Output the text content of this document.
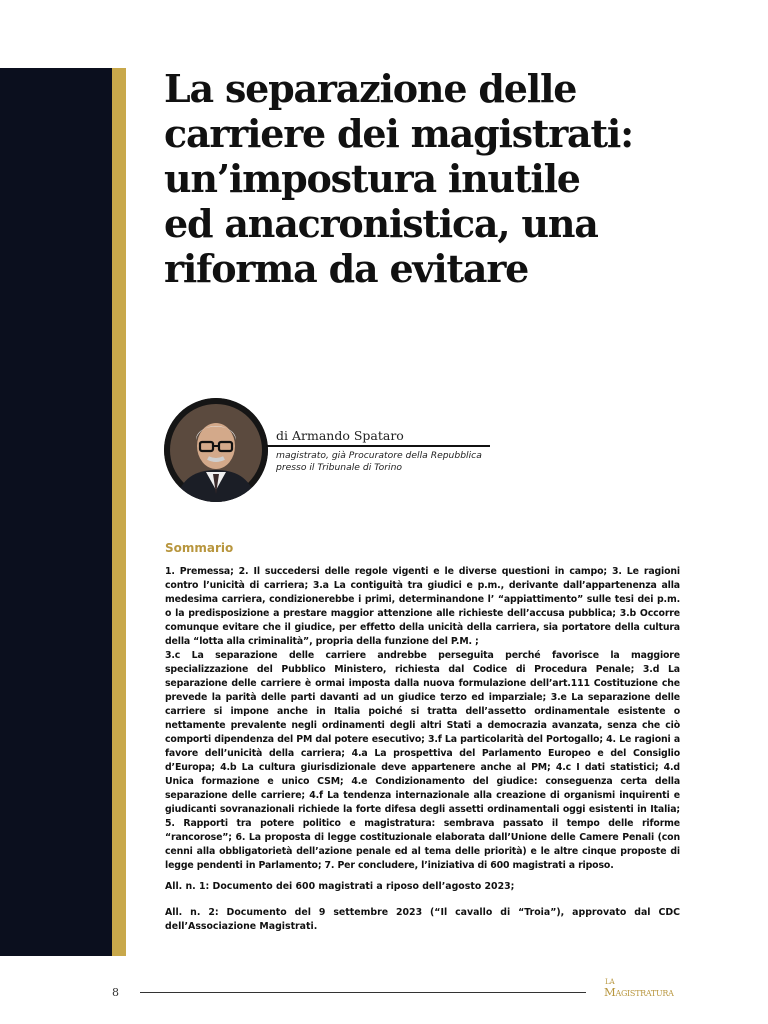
La separazione delle
carriere dei magistrati:
un’impostura inutile
ed anacronistica, una
riforma da evitare
di Armando Spataro
magistrato, già Procuratore della Repubblica
presso il Tribunale di Torino
Sommario

1. Premessa; 2. Il succedersi delle regole vigenti e le diverse questioni in campo; 3. Le ragioni contro l’unicità di carriera; 3.a La contiguità tra giudici e p.m., derivante dall’appartenenza alla medesima carriera, condizionerebbe i primi, determinandone l’ “appiattimento” sulle tesi dei p.m. o la predisposizione a prestare maggior attenzione alle richieste dell’accusa pubblica; 3.b Occorre comunque evitare che il giudice, per effetto della unicità della carriera, sia portatore della cultura della “lotta alla criminalità”, propria della funzione del P.M. ;

3.c La separazione delle carriere andrebbe perseguita perché favorisce la maggiore specializzazione del Pubblico Ministero, richiesta dal Codice di Procedura Penale; 3.d La separazione delle carriere è ormai imposta dalla nuova formulazione dell’art.111 Costituzione che prevede la parità delle parti davanti ad un giudice terzo ed imparziale; 3.e La separazione delle carriere si impone anche in Italia poiché si tratta dell’assetto ordinamentale esistente o nettamente prevalente negli ordinamenti degli altri Stati a democrazia avanzata, senza che ciò comporti dipendenza del PM dal potere esecutivo; 3.f La particolarità del Portogallo; 4. Le ragioni a favore dell’unicità della carriera; 4.a La prospettiva del Parlamento Europeo e del Consiglio d’Europa; 4.b La cultura giurisdizionale deve appartenere anche al PM; 4.c I dati statistici; 4.d Unica formazione e unico CSM; 4.e Condizionamento del giudice: conseguenza certa della separazione delle carriere; 4.f La tendenza internazionale alla creazione di organismi inquirenti e giudicanti sovranazionali richiede la forte difesa degli assetti ordinamentali oggi esistenti in Italia; 5. Rapporti tra potere politico e magistratura: sembrava passato il tempo delle riforme “rancorose”; 6. La proposta di legge costituzionale elaborata dall’Unione delle Camere Penali (con cenni alla obbligatorietà dell’azione penale ed al tema delle priorità) e le altre cinque proposte di legge pendenti in Parlamento; 7. Per concludere, l’iniziativa di 600 magistrati a riposo.

All. n. 1: Documento dei 600 magistrati a riposo dell’agosto 2023;

All. n. 2: Documento del 9 settembre 2023 (“Il cavallo di “Troia”), approvato dal CDC dell’Associazione Magistrati.

8
LA
Magistratura
